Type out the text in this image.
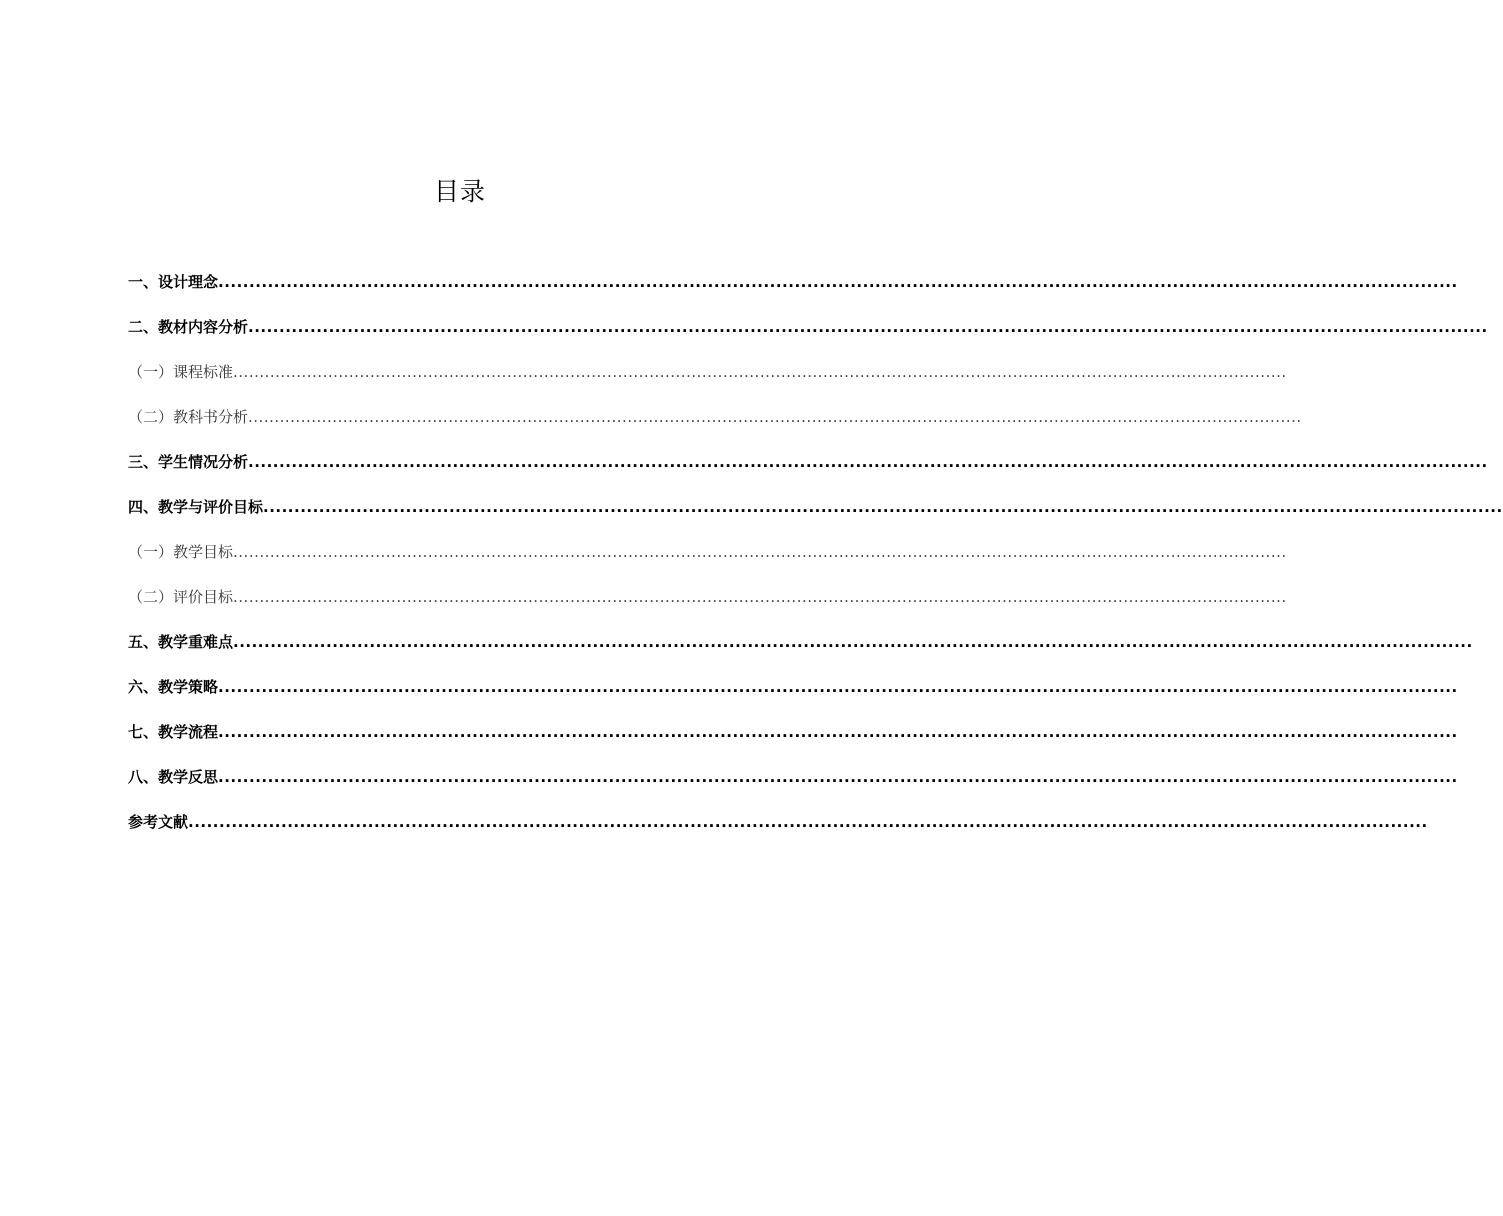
目录
一、设计理念 ........................................................................................................................................................................................................
二、教材内容分析 ........................................................................................................................................................................................................
（一）课程标准 ........................................................................................................................................................................................................
（二）教科书分析 ........................................................................................................................................................................................................
三、学生情况分析 ........................................................................................................................................................................................................
四、教学与评价目标 ........................................................................................................................................................................................................
（一）教学目标 ........................................................................................................................................................................................................
（二）评价目标 ........................................................................................................................................................................................................
五、教学重难点 ........................................................................................................................................................................................................
六、教学策略 ........................................................................................................................................................................................................
七、教学流程 ........................................................................................................................................................................................................
八、教学反思 ........................................................................................................................................................................................................
参考文献 ........................................................................................................................................................................................................
